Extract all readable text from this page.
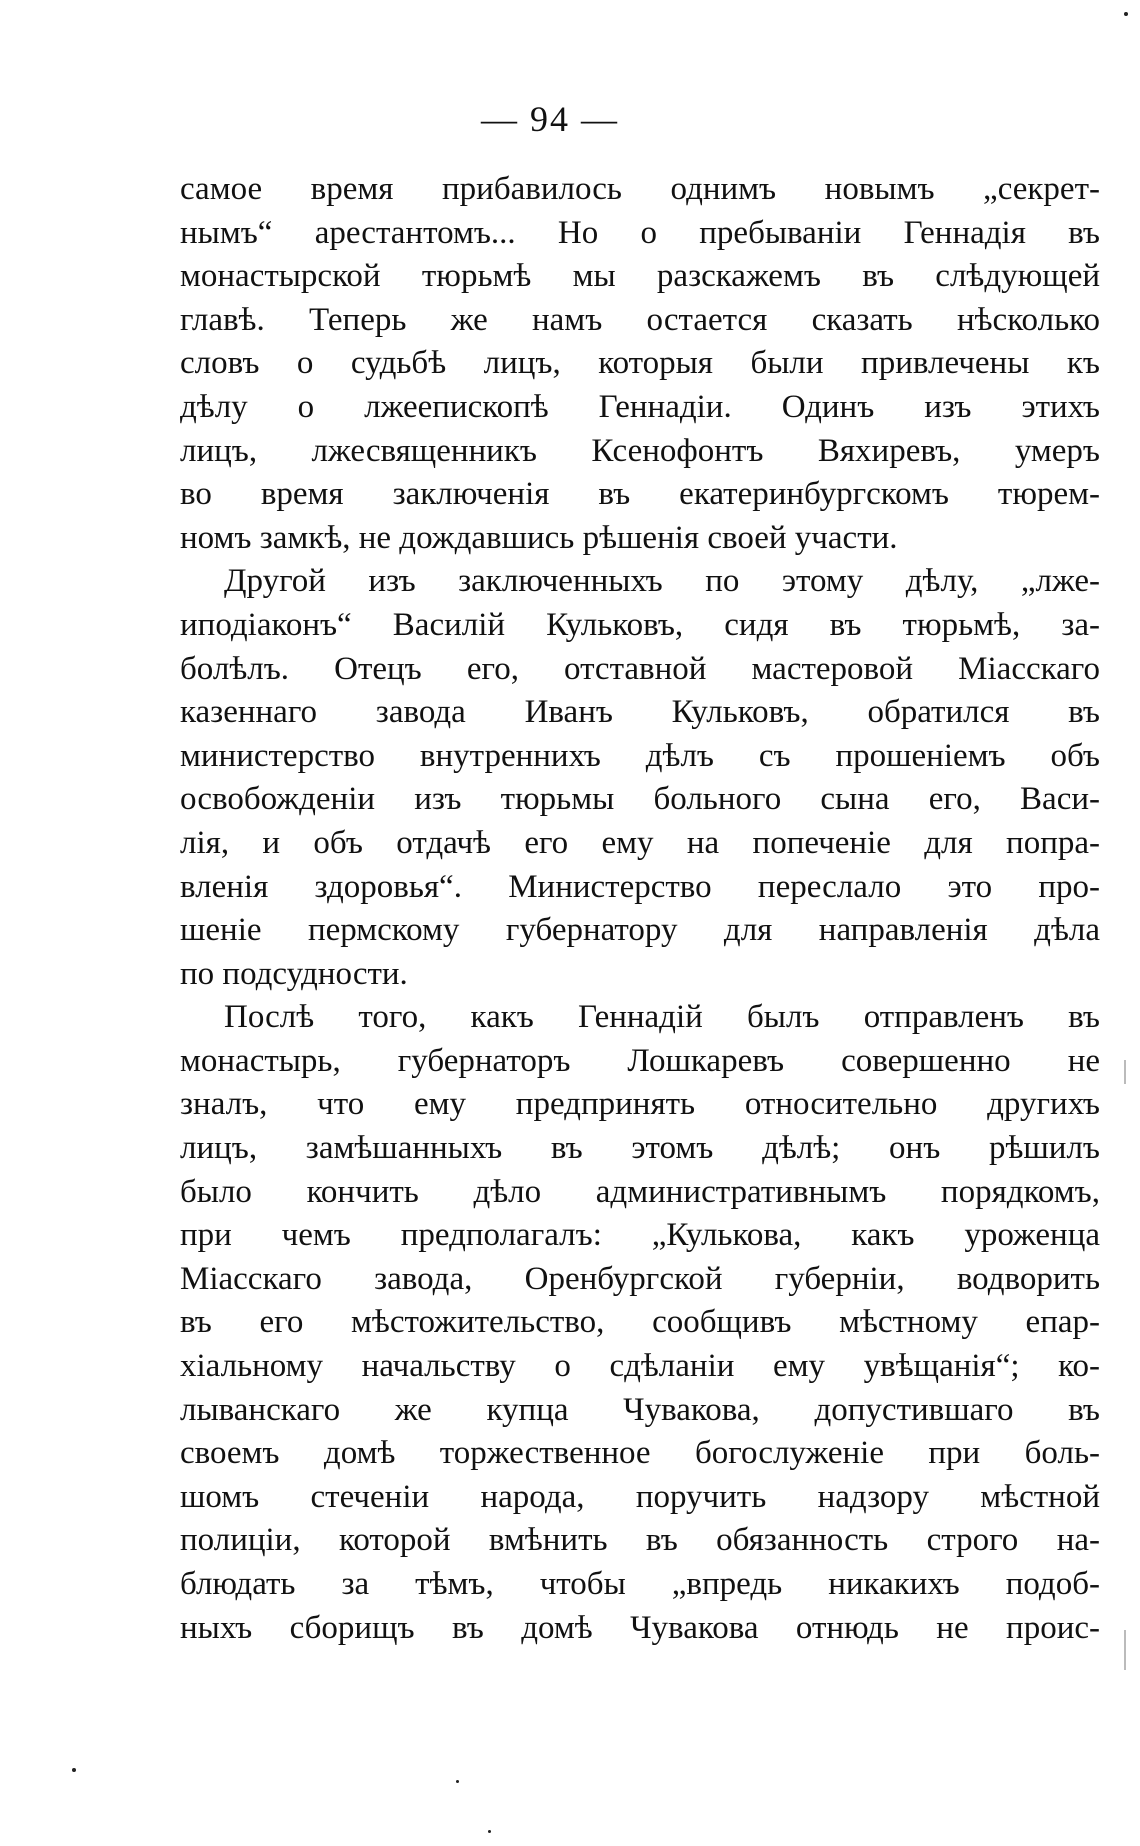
— 94 —
самое время прибавилось однимъ новымъ „секрет-
нымъ“ арестантомъ... Но о пребываніи Геннадія въ
монастырской тюрьмѣ мы разскажемъ въ слѣдующей
главѣ. Теперь же намъ остается сказать нѣсколько
словъ о судьбѣ лицъ, которыя были привлечены къ
дѣлу о лжеепископѣ Геннадіи. Одинъ изъ этихъ
лицъ, лжесвященникъ Ксенофонтъ Вяхиревъ, умеръ
во время заключенія въ екатеринбургскомъ тюрем-
номъ замкѣ, не дождавшись рѣшенія своей участи.
Другой изъ заключенныхъ по этому дѣлу, „лже-
иподіаконъ“ Василій Кульковъ, сидя въ тюрьмѣ, за-
болѣлъ. Отецъ его, отставной мастеровой Міасскаго
казеннаго завода Иванъ Кульковъ, обратился въ
министерство внутреннихъ дѣлъ съ прошеніемъ объ
освобожденіи изъ тюрьмы больного сына его, Васи-
лія, и объ отдачѣ его ему на попеченіе для попра-
вленія здоровья“. Министерство переслало это про-
шеніе пермскому губернатору для направленія дѣла
по подсудности.
Послѣ того, какъ Геннадій былъ отправленъ въ
монастырь, губернаторъ Лошкаревъ совершенно не
зналъ, что ему предпринять относительно другихъ
лицъ, замѣшанныхъ въ этомъ дѣлѣ; онъ рѣшилъ
было кончить дѣло административнымъ порядкомъ,
при чемъ предполагалъ: „Кулькова, какъ уроженца
Міасскаго завода, Оренбургской губерніи, водворить
въ его мѣстожительство, сообщивъ мѣстному епар-
хіальному начальству о сдѣланіи ему увѣщанія“; ко-
лыванскаго же купца Чувакова, допустившаго въ
своемъ домѣ торжественное богослуженіе при боль-
шомъ стеченіи народа, поручить надзору мѣстной
полиціи, которой вмѣнить въ обязанность строго на-
блюдать за тѣмъ, чтобы „впредь никакихъ подоб-
ныхъ сборищъ въ домѣ Чувакова отнюдь не проис-
